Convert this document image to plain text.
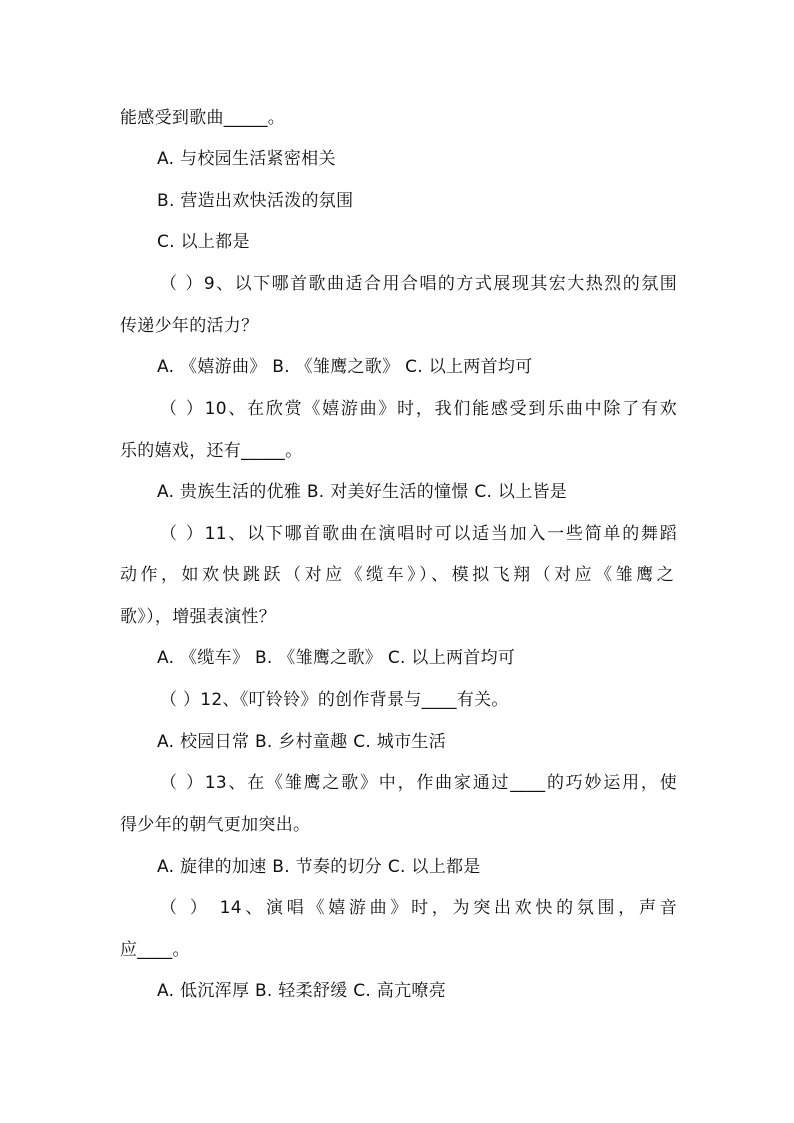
能感受到歌曲_____。
A. 与校园生活紧密相关
B. 营造出欢快活泼的氛围
C. 以上都是
（ ）9、以下哪首歌曲适合用合唱的方式展现其宏大热烈的氛围
传递少年的活力？
A. 《嬉游曲》 B. 《雏鹰之歌》 C. 以上两首均可
（ ）10、在欣赏《嬉游曲》时，我们能感受到乐曲中除了有欢
乐的嬉戏，还有_____。
A. 贵族生活的优雅 B. 对美好生活的憧憬 C. 以上皆是
（ ）11、以下哪首歌曲在演唱时可以适当加入一些简单的舞蹈
动作，如欢快跳跃（对应《缆车》）、模拟飞翔（对应《雏鹰之
歌》），增强表演性？
A. 《缆车》 B. 《雏鹰之歌》 C. 以上两首均可
（ ）12、《叮铃铃》的创作背景与____有关。
A. 校园日常 B. 乡村童趣 C. 城市生活
（ ）13、在《雏鹰之歌》中，作曲家通过____的巧妙运用，使
得少年的朝气更加突出。
A. 旋律的加速 B. 节奏的切分 C. 以上都是
（ ） 14、演唱《嬉游曲》时，为突出欢快的氛围，声音
应____。
A. 低沉浑厚 B. 轻柔舒缓 C. 高亢嘹亮
